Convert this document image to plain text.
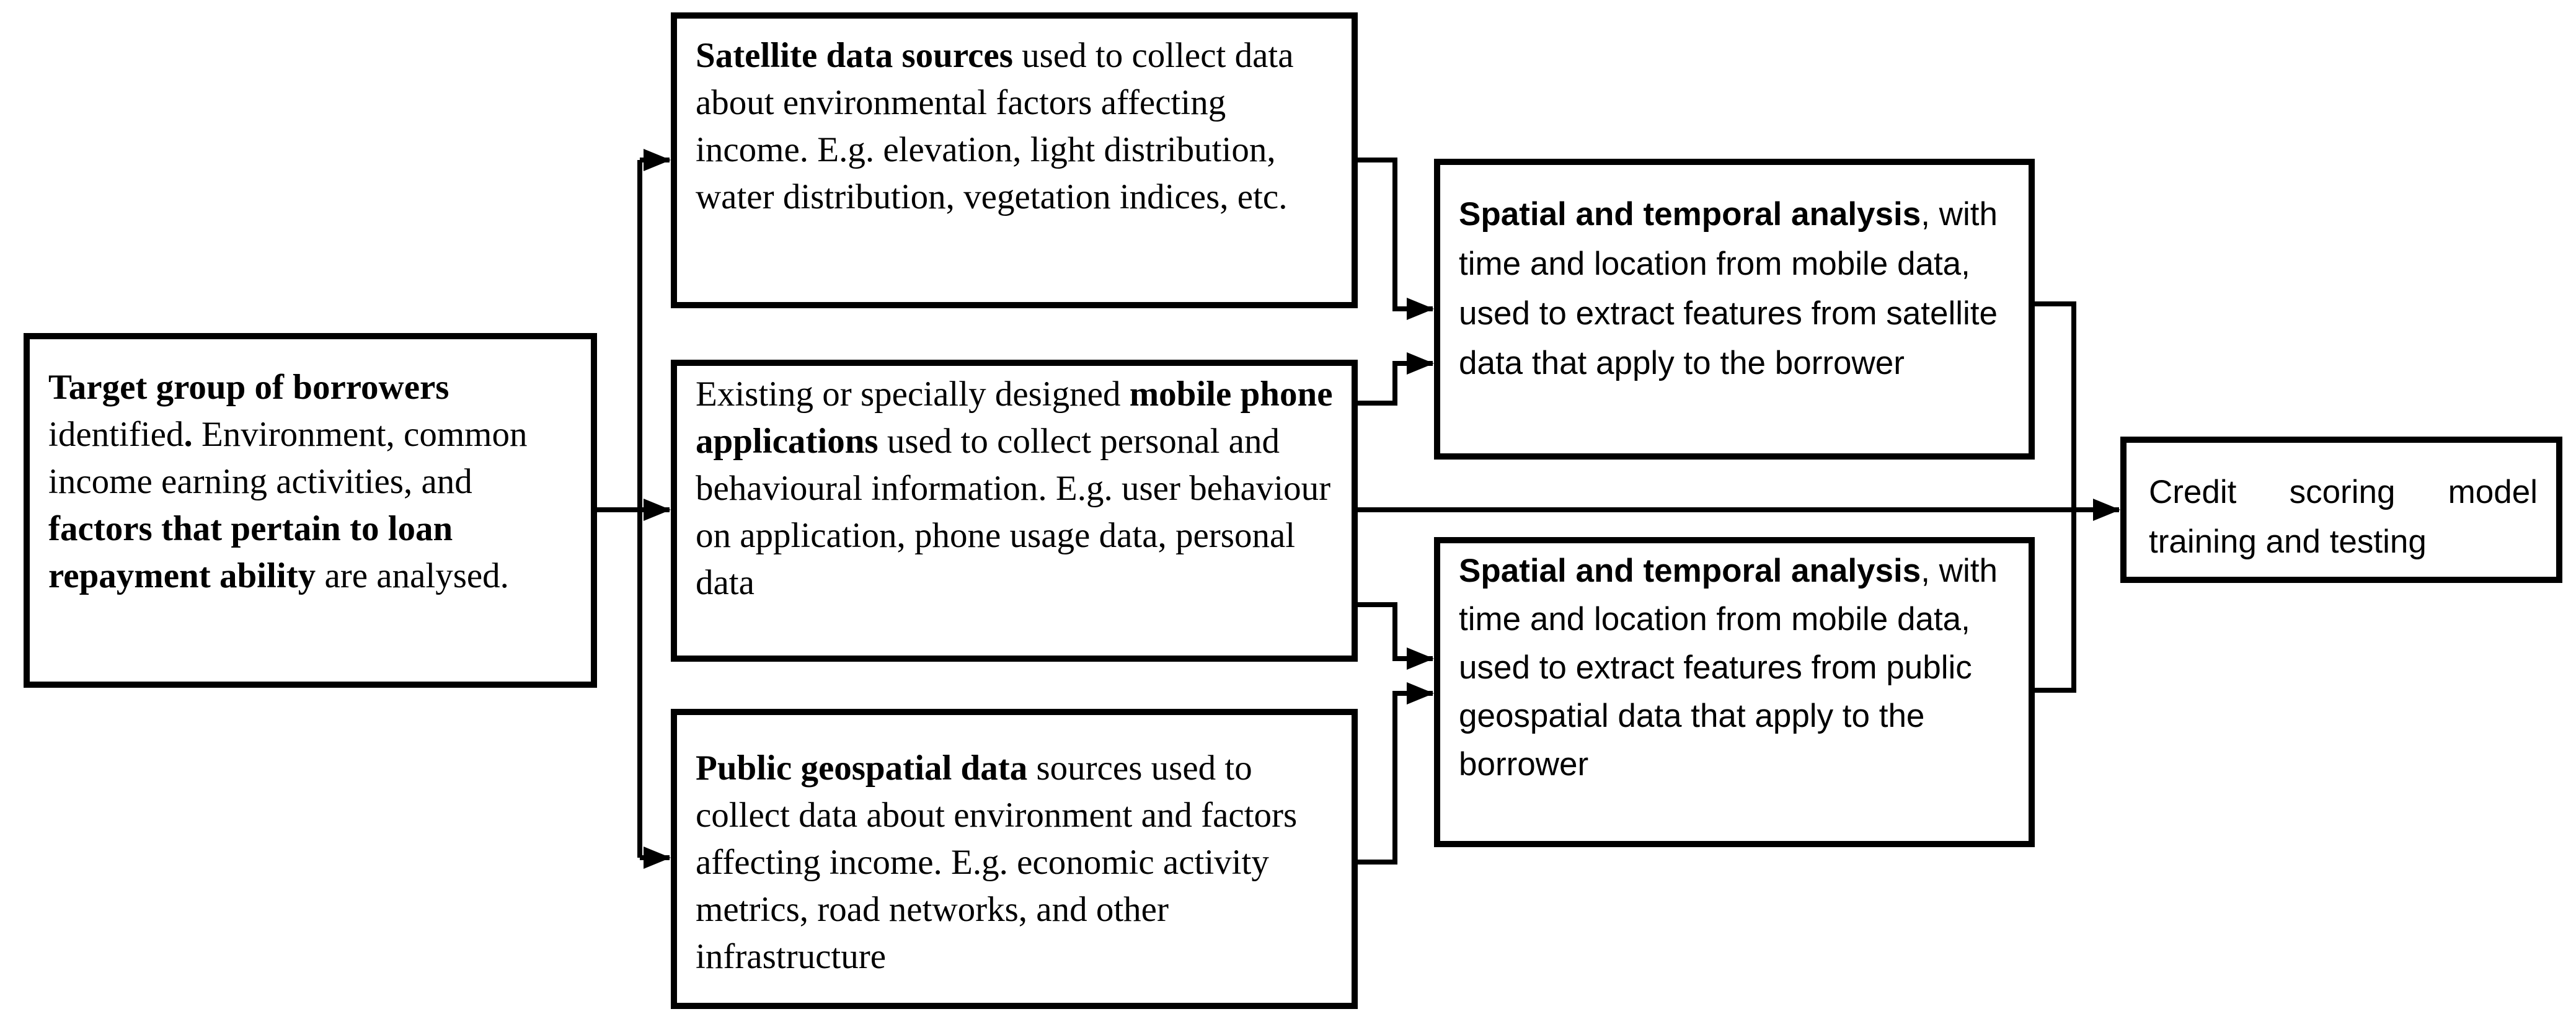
Target group of borrowers identified. Environment, common income earning activities, and factors that pertain to loan repayment ability are analysed.

Satellite data sources used to collect data about environmental factors affecting income. E.g. elevation, light distribution, water distribution, vegetation indices, etc.

Existing or specially designed mobile phone applications used to collect personal and behavioural information. E.g. user behaviour on application, phone usage data, personal data

Public geospatial data sources used to collect data about environment and factors affecting income. E.g. economic activity metrics, road networks, and other infrastructure

Spatial and temporal analysis, with time and location from mobile data, used to extract features from satellite data that apply to the borrower

Spatial and temporal analysis, with time and location from mobile data, used to extract features from public geospatial data that apply to the borrower

Credit scoring model
training and testing
